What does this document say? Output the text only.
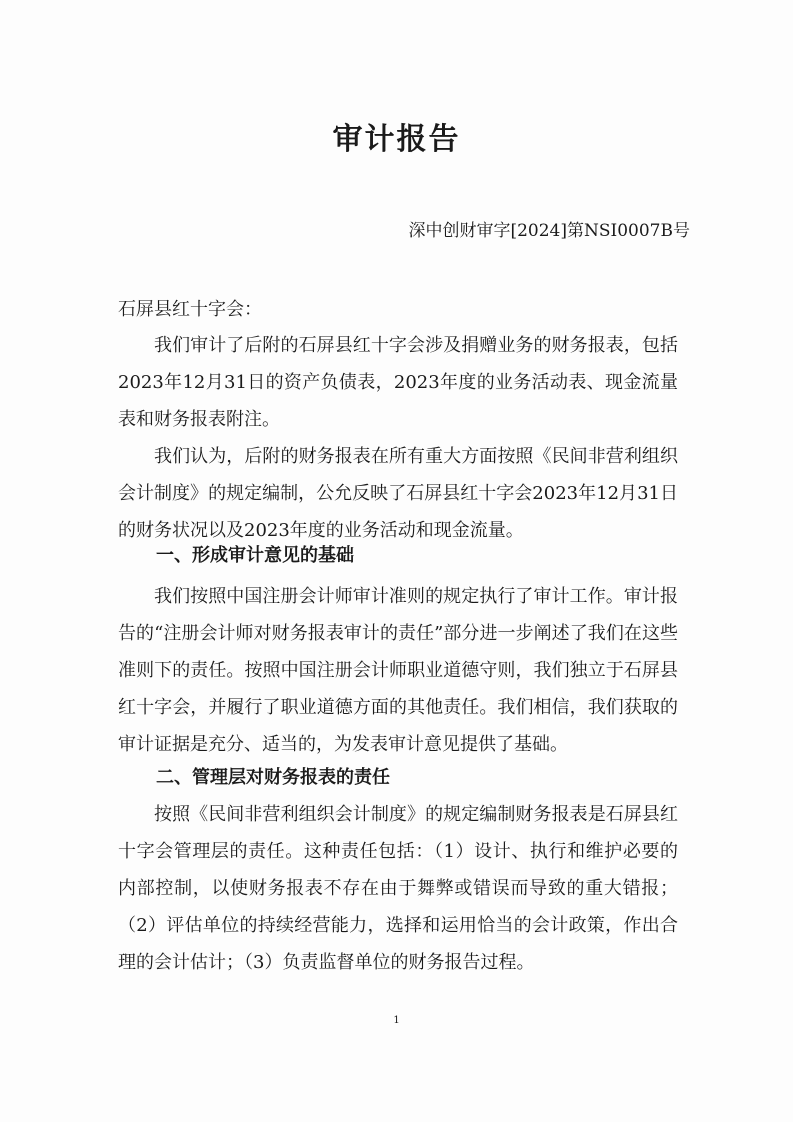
审计报告

深中创财审字[2024]第NSI0007B号

石屏县红十字会：

我们审计了后附的石屏县红十字会涉及捐赠业务的财务报表，包括2023年12月31日的资产负债表，2023年度的业务活动表、现金流量表和财务报表附注。

我们认为，后附的财务报表在所有重大方面按照《民间非营利组织会计制度》的规定编制，公允反映了石屏县红十字会2023年12月31日的财务状况以及2023年度的业务活动和现金流量。

一、形成审计意见的基础

我们按照中国注册会计师审计准则的规定执行了审计工作。审计报告的“注册会计师对财务报表审计的责任”部分进一步阐述了我们在这些准则下的责任。按照中国注册会计师职业道德守则，我们独立于石屏县红十字会，并履行了职业道德方面的其他责任。我们相信，我们获取的审计证据是充分、适当的，为发表审计意见提供了基础。

二、管理层对财务报表的责任

按照《民间非营利组织会计制度》的规定编制财务报表是石屏县红十字会管理层的责任。这种责任包括：（1）设计、执行和维护必要的内部控制，以使财务报表不存在由于舞弊或错误而导致的重大错报；（2）评估单位的持续经营能力，选择和运用恰当的会计政策，作出合理的会计估计；（3）负责监督单位的财务报告过程。

1
